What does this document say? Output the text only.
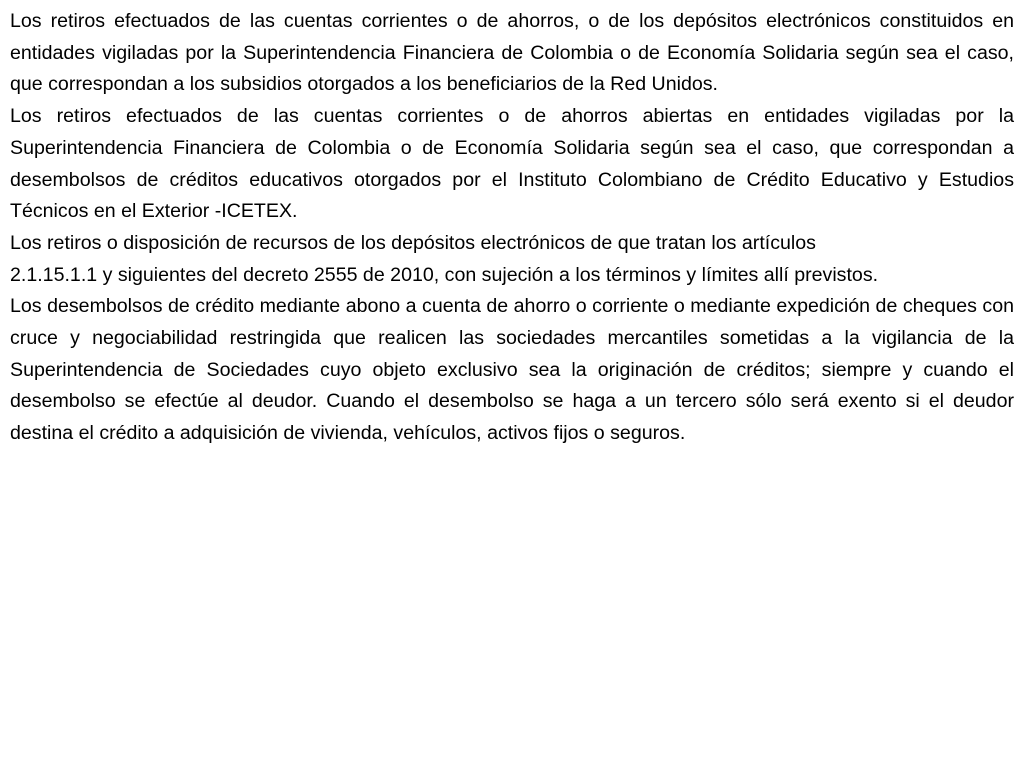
Los retiros efectuados de las cuentas corrientes o de ahorros, o de los depósitos electrónicos constituidos en entidades vigiladas por la Superintendencia Financiera de Colombia o de Economía Solidaria según sea el caso, que correspondan a los subsidios otorgados a los beneficiarios de la Red Unidos.

Los retiros efectuados de las cuentas corrientes o de ahorros abiertas en entidades vigiladas por la Superintendencia Financiera de Colombia o de Economía Solidaria según sea el caso, que correspondan a desembolsos de créditos educativos otorgados por el Instituto Colombiano de Crédito Educativo y Estudios Técnicos en el Exterior -ICETEX.

Los retiros o disposición de recursos de los depósitos electrónicos de que tratan los artículos
2.1.15.1.1 y siguientes del decreto 2555 de 2010, con sujeción a los términos y límites allí previstos.

Los desembolsos de crédito mediante abono a cuenta de ahorro o corriente o mediante expedición de cheques con cruce y negociabilidad restringida que realicen las sociedades mercantiles sometidas a la vigilancia de la Superintendencia de Sociedades cuyo objeto exclusivo sea la originación de créditos; siempre y cuando el desembolso se efectúe al deudor. Cuando el desembolso se haga a un tercero sólo será exento si el deudor destina el crédito a adquisición de vivienda, vehículos, activos fijos o seguros.
